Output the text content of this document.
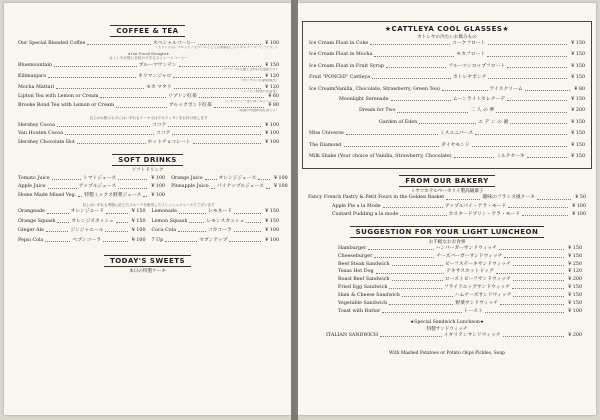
COFFEE & TEA
Our Special Blended Coffee	スペシャルコーヒー	¥ 100
（ドリップ式にコロンビアをベースとして自家調合したレギュラーコーヒーです。）
★Our Proud Straight★
カトレヤが特に自信のできるストレートコーヒー
Bluemountain	ブルーマウンテン	¥ 150
（コーヒーの王様と云われる逸品です）
Kilimanjaro	キリマンジャロ	¥ 120
（タンザニアの最高級豆）
Mocha Mattari	モカ マタリ	¥ 120
（アラビア特産の芳香豆）
Lipton Tea with Lemon or Cream	リプトン紅茶	¥ 60
（レモンティーまたはミルクティー）
Brooke Bond Tea with Lemon or Cream	ブルックボンド紅茶	¥ 80
（英国の代表的な紅茶です）
以上のお飲みものにはいずれもケーキ又はクロワッサンをお付け致します
Hershey Cocoa	ココア	¥ 100
Van Houten Cocoa	ココア	¥ 100
Hershey Chocolate Hot	ホットチョコレート	¥ 100
SOFT DRINKS
ソフトドリンク
Tomato Juice	トマトジュース	¥ 100
Apple Juice	アップルジュース	¥ 100
Home Made Mixed Veg. 特製ミックス野菜ジュース ¥ 100
Orange Juice	オレンジジュース	¥ 100
Pineapple Juice パイナップルジュース ¥ 100
以上はいずれも季節に応じたフルーツを使用したフレッシュジュースでございます
Orangeade	オレンジエード	¥ 150
Orange Squash	オレンジスカッシュ	¥ 150
Ginger Ale	ジンジャエール	¥ 100
Pepsi Cola	ペプシコーラ	¥ 100
Lemonade	レモネード	¥ 150
Lemon Squash	レモンスカッシュ	¥ 150
Coca Cola	コカコーラ	¥ 100
7 Up	セブンアップ	¥ 100
TODAY'S SWEETS
本日の特製ケーキ
★CATTLEYA COOL GLASSES★
カトレヤの冷たいお飲みもの
Ice Cream Float in Coke	コークフロート	¥ 150
Ice Cream Float in Mocha	モカフロート	¥ 150
Ice Cream Float in Fruit Syrup	フルーツシロップフロート	¥ 150
Fruit "PONCHI" Cattleya	カトレヤポンチ	¥ 150
Ice Cream(Vanilla, Chocolate, Strawberry, Green Tea)	アイスクリーム	¥ 80
Moonlight Serenade	ムーンライトセレナーデ	¥ 150
Dream for Two	二 人 の 夢	¥ 200
Garden of Eden	エ デ ン の 園	¥ 150
Miss Universe	ミスユニバース	¥ 150
The Diamond	ダイヤモンド	¥ 150
Milk Shake (Your choice of Vanilla, Strawberry, Chocolate)	ミルクセーキ	¥ 150
FROM OUR BAKERY
ミヤコホテルベーカリイ製高級菓子
Fancy French Pastry & Petit Fours in the Golden Basket	趣味のフランス風ケーキ	¥ 50
Apple Pie a la Mode	アップルパイ・アラ・モード	¥ 100
Custard Pudding a la mode	カスタードプリン・アラ・モード	¥ 100
SUGGESTION FOR YOUR LIGHT LUNCHEON
お手軽なおお食事
Hamburger	ハンバーガーサンドウィッチ	¥ 150
Cheeseburger	チーズバーガーサンドウィッチ	¥ 150
Beef Steak Sandwich	ビーフステーキサンドウィッチ	¥ 250
Texas Hot Dog	テキサスホットドッグ	¥ 120
Roast Beef Sandwich	ローストビーフサンドウィッチ	¥ 200
Fried Egg Sandwich	フライドエッグサンドウィッチ	¥ 150
Ham & Cheese Sandwich	ハムチーズサンドウィッチ	¥ 150
Vegetable Sandwich	野菜サンドウィッチ	¥ 150
Toast with Butter	トースト	¥ 100
★Special Sandwich Luncheon★
特製サンドウィッチ
ITALIAN SANDWICH	イタリアンサンドウィッチ	¥ 200
With Mashed Potatoes or Potato chips Pickles, Soup
